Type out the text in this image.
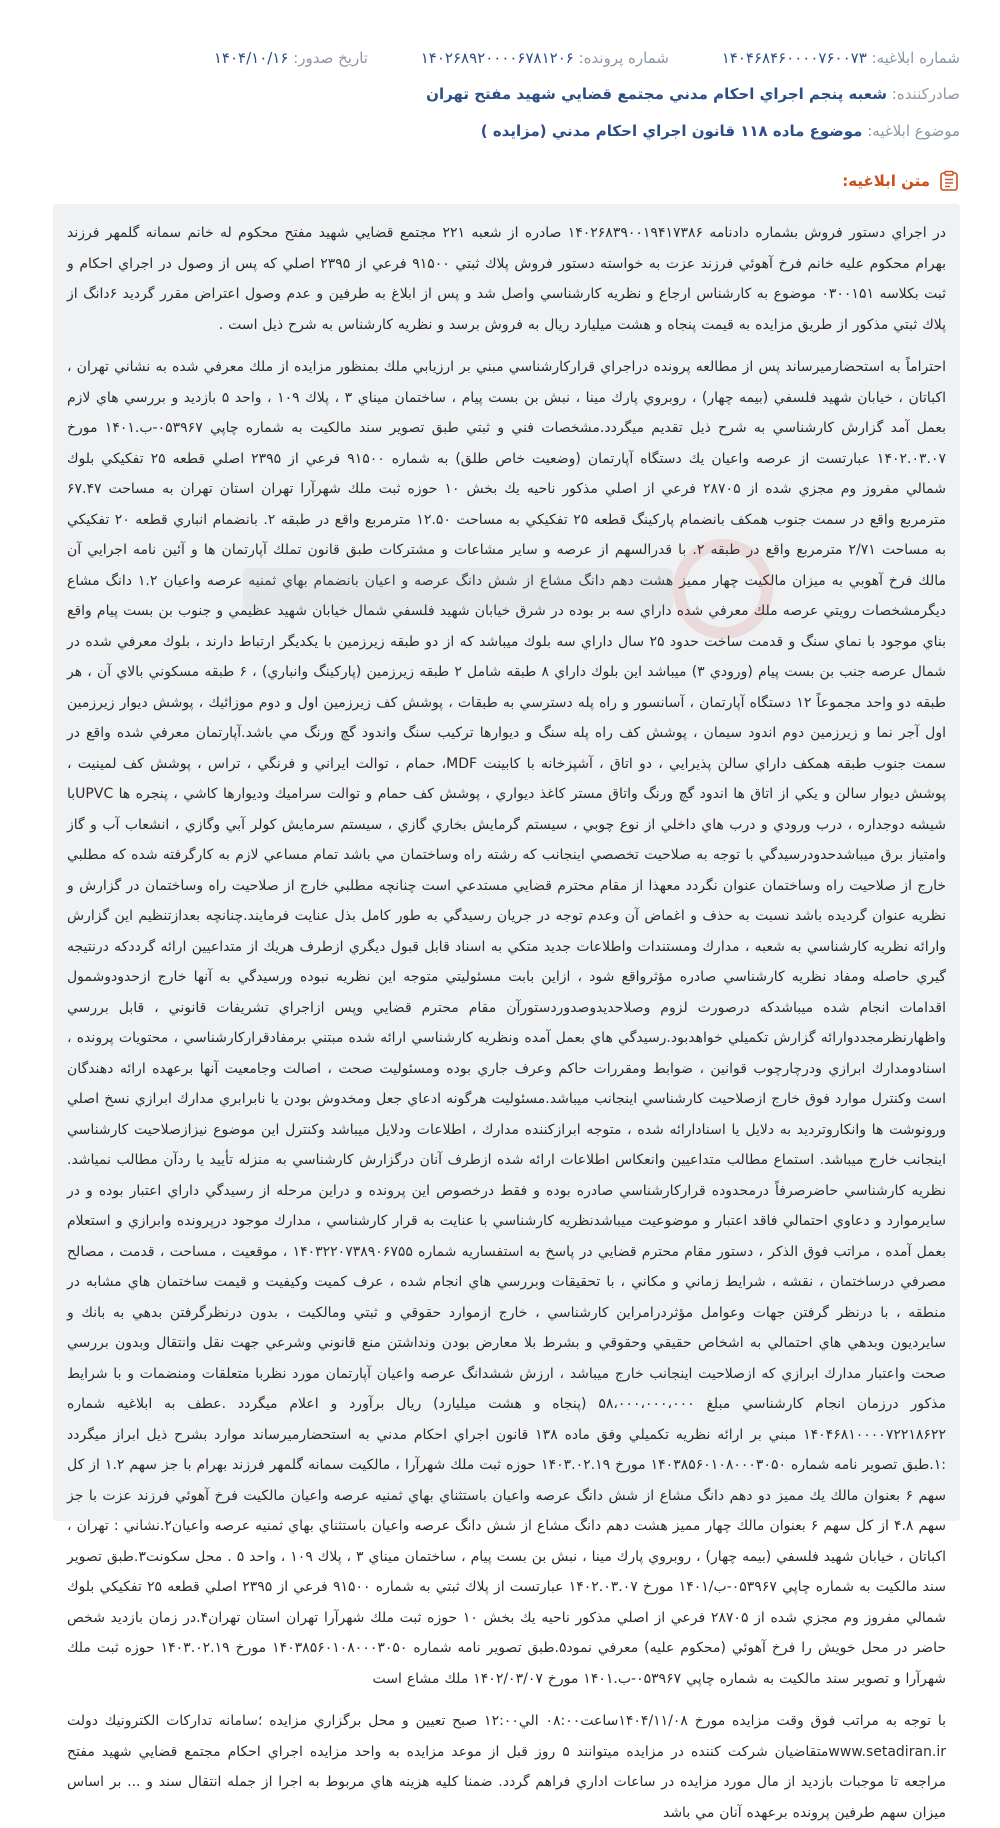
شماره ابلاغیه: ۱۴۰۴۶۸۴۶۰۰۰۰۷۶۰۰۷۳ شماره پرونده: ۱۴۰۲۶۸۹۲۰۰۰۰۶۷۸۱۲۰۶ تاریخ صدور: ۱۴۰۴/۱۰/۱۶
صادرکننده: شعبه پنجم اجراي احكام مدني مجتمع قضايي شهيد مفتح تهران
موضوع ابلاغیه: موضوع ماده ۱۱۸ قانون اجراي احكام مدني (مزايده )
متن ابلاغیه:

در اجراي دستور فروش بشماره دادنامه ۱۴۰۲۶۸۳۹۰۰۱۹۴۱۷۳۸۶ صادره از شعبه ۲۲۱ مجتمع قضايي شهيد مفتح محكوم له خانم سمانه گلمهر فرزند بهرام محكوم عليه خانم فرخ آهوئي فرزند عزت به خواسته دستور فروش پلاك ثبتي ۹۱۵۰۰ فرعي از ۲۳۹۵ اصلي كه پس از وصول در اجراي احكام و ثبت بكلاسه ۰۳۰۰۱۵۱ موضوع به كارشناس ارجاع و نظريه كارشناسي واصل شد و پس از ابلاغ به طرفين و عدم وصول اعتراض مقرر گرديد ۶دانگ از پلاك ثبتي مذكور از طريق مزايده به قيمت پنجاه و هشت ميليارد ريال به فروش برسد و نظريه كارشناس به شرح ذيل است .

احتراماً به استحضارميرساند پس از مطالعه پرونده دراجراي قراركارشناسي مبني بر ارزيابي ملك بمنظور مزايده از ملك معرفي شده به نشاني تهران ، اكباتان ، خيابان شهيد فلسفي (بيمه چهار) ، روبروي پارك مينا ، نبش بن بست پيام ، ساختمان ميناي ۳ ، پلاك ۱۰۹ ، واحد ۵ بازديد و بررسي هاي لازم بعمل آمد گزارش كارشناسي به شرح ذيل تقديم ميگردد.مشخصات فني و ثبتي طبق تصوير سند مالكيت به شماره چاپي ۰۵۳۹۶۷-ب.۱۴۰۱ مورخ ۱۴۰۲.۰۳.۰۷ عبارتست از عرصه واعيان يك دستگاه آپارتمان (وضعيت خاص طلق) به شماره ۹۱۵۰۰ فرعي از ۲۳۹۵ اصلي قطعه ۲۵ تفكيكي بلوك شمالي مفروز وم مجزي شده از ۲۸۷۰۵ فرعي از اصلي مذكور ناحيه يك بخش ۱۰ حوزه ثبت ملك شهرآرا تهران استان تهران به مساحت ۶۷.۴۷ مترمربع واقع در سمت جنوب همكف بانضمام پاركينگ قطعه ۲۵ تفكيكي به مساحت ۱۲.۵۰ مترمربع واقع در طبقه ۲. بانضمام انباري قطعه ۲۰ تفكيكي به مساحت ۲/۷۱ مترمربع واقع در طبقه ۲. با قدرالسهم از عرصه و ساير مشاعات و مشتركات طبق قانون تملك آپارتمان ها و آئين نامه اجرايي آن مالك فرخ آهوبي به ميزان مالكيت چهار مميز هشت دهم دانگ مشاع از شش دانگ عرصه و اعيان بانضمام بهاي ثمنيه عرصه واعيان ۱.۲ دانگ مشاع ديگرمشخصات رويتي عرصه ملك معرفي شده داراي سه بر بوده در شرق خيابان شهيد فلسفي شمال خيابان شهيد عظيمي و جنوب بن بست پيام واقع بناي موجود با نماي سنگ و قدمت ساخت حدود ۲۵ سال داراي سه بلوك ميباشد كه از دو طبقه زيرزمين با يكديگر ارتباط دارند ، بلوك معرفي شده در شمال عرصه جنب بن بست پيام (ورودي ۳) ميباشد اين بلوك داراي ۸ طبقه شامل ۲ طبقه زيرزمين (پاركينگ وانباري) ، ۶ طبقه مسكوني بالاي آن ، هر طبقه دو واحد مجموعاً ۱۲ دستگاه آپارتمان ، آسانسور و راه پله دسترسي به طبقات ، پوشش كف زيرزمين اول و دوم موزائيك ، پوشش ديوار زيرزمين اول آجر نما و زيرزمين دوم اندود سيمان ، پوشش كف راه پله سنگ و ديوارها تركيب سنگ واندود گچ ورنگ مي باشد.آپارتمان معرفي شده واقع در سمت جنوب طبقه همكف داراي سالن پذيرايي ، دو اتاق ، آشپزخانه با كابينت MDF، حمام ، توالت ايراني و فرنگي ، تراس ، پوشش كف لمينيت ، پوشش ديوار سالن و يكي از اتاق ها اندود گچ ورنگ واتاق مستر كاغذ ديواري ، پوشش كف حمام و توالت سراميك وديوارها كاشي ، پنجره ها UPVCبا شيشه دوجداره ، درب ورودي و درب هاي داخلي از نوع چوبي ، سيستم گرمايش بخاري گازي ، سيستم سرمايش كولر آبي وگازي ، انشعاب آب و گاز وامتياز برق ميباشدحدودرسيدگي با توجه به صلاحيت تخصصي اينجانب كه رشته راه وساختمان مي باشد تمام مساعي لازم به كارگرفته شده كه مطلبي خارج از صلاحيت راه وساختمان عنوان نگردد معهذا از مقام محترم قضايي مستدعي است چنانچه مطلبي خارج از صلاحيت راه وساختمان در گزارش و نظريه عنوان گرديده باشد نسبت به حذف و اغماض آن وعدم توجه در جريان رسيدگي به طور كامل بذل عنايت فرمايند.چنانچه بعدازتنظيم اين گزارش وارائه نظريه كارشناسي به شعبه ، مدارك ومستندات واطلاعات جديد متكي به اسناد قابل قبول ديگري ازطرف هريك از متداعيين ارائه گرددكه درنتيجه گيري حاصله ومفاد نظريه كارشناسي صادره مؤثرواقع شود ، ازاين بابت مسئوليتي متوجه اين نظريه نبوده ورسيدگي به آنها خارج ازحدودوشمول اقدامات انجام شده ميباشدكه درصورت لزوم وصلاحديدوصدوردستورآن مقام محترم قضايي وپس ازاجراي تشريفات قانوني ، قابل بررسي واظهارنظرمجددوارائه گزارش تكميلي خواهدبود.رسيدگي هاي بعمل آمده ونظريه كارشناسي ارائه شده مبتني برمفادقراركارشناسي ، محتويات پرونده ، اسنادومدارك ابرازي ودرچارچوب قوانين ، ضوابط ومقررات حاكم وعرف جاري بوده ومسئوليت صحت ، اصالت وجامعيت آنها برعهده ارائه دهندگان است وكنترل موارد فوق خارج ازصلاحيت كارشناسي اينجانب ميباشد.مسئوليت هرگونه ادعاي جعل ومخدوش بودن يا نابرابري مدارك ابرازي نسخ اصلي ورونوشت ها وانكاروترديد به دلايل يا اسنادارائه شده ، متوجه ابرازكننده مدارك ، اطلاعات ودلايل ميباشد وكنترل اين موضوع نيزازصلاحيت كارشناسي اينجانب خارج ميباشد. استماع مطالب متداعيين وانعكاس اطلاعات ارائه شده ازطرف آنان درگزارش كارشناسي به منزله تأييد يا ردآن مطالب نمياشد. نظريه كارشناسي حاضرصرفاً درمحدوده قراركارشناسي صادره بوده و فقط درخصوص اين پرونده و دراين مرحله از رسيدگي داراي اعتبار بوده و در سايرموارد و دعاوي احتمالي فاقد اعتبار و موضوعيت ميباشدنظريه كارشناسي با عنايت به قرار كارشناسي ، مدارك موجود درپرونده وابرازي و استعلام بعمل آمده ، مراتب فوق الذكر ، دستور مقام محترم قضايي در پاسخ به استفساريه شماره ۱۴۰۳۲۲۰۷۳۸۹۰۶۷۵۵ ، موقعيت ، مساحت ، قدمت ، مصالح مصرفي درساختمان ، نقشه ، شرايط زماني و مكاني ، با تحقيقات وبررسي هاي انجام شده ، عرف كميت وكيفيت و قيمت ساختمان هاي مشابه در منطقه ، با درنظر گرفتن جهات وعوامل مؤثردرامراين كارشناسي ، خارج ازموارد حقوقي و ثبتي ومالكيت ، بدون درنظرگرفتن بدهي به بانك و سايرديون وبدهي هاي احتمالي به اشخاص حقيقي وحقوقي و بشرط بلا معارض بودن ونداشتن منع قانوني وشرعي جهت نقل وانتقال وبدون بررسي صحت واعتبار مدارك ابرازي كه ازصلاحيت اينجانب خارج ميباشد ، ارزش ششدانگ عرصه واعيان آپارتمان مورد نظربا متعلقات ومنضمات و با شرايط مذكور درزمان انجام كارشناسي مبلغ ۵۸،۰۰۰،۰۰۰،۰۰۰ (پنجاه و هشت ميليارد) ريال برآورد و اعلام ميگردد .عطف به ابلاغيه شماره ۱۴۰۴۶۸۱۰۰۰۰۷۲۲۱۸۶۲۲ مبني بر ارائه نظريه تكميلي وفق ماده ۱۳۸ قانون اجراي احكام مدني به استحضارميرساند موارد بشرح ذيل ابراز ميگردد :۱.طبق تصوير نامه شماره ۱۴۰۳۸۵۶۰۱۰۸۰۰۰۳۰۵۰ مورخ ۱۴۰۳.۰۲.۱۹ حوزه ثبت ملك شهرآرا ، مالكيت سمانه گلمهر فرزند بهرام با جز سهم ۱.۲ از كل سهم ۶ بعنوان مالك يك مميز دو دهم دانگ مشاع از شش دانگ عرصه واعيان باستثناي بهاي ثمنيه عرصه واعيان مالكيت فرخ آهوئي فرزند عزت با جز سهم ۴.۸ از كل سهم ۶ بعنوان مالك چهار مميز هشت دهم دانگ مشاع از شش دانگ عرصه واعيان باستثناي بهاي ثمنيه عرصه واعيان۲.نشاني : تهران ، اكباتان ، خيابان شهيد فلسفي (بيمه چهار) ، روبروي پارك مينا ، نبش بن بست پيام ، ساختمان ميناي ۳ ، پلاك ۱۰۹ ، واحد ۵ . محل سكونت۳.طبق تصوير سند مالكيت به شماره چاپي ۰۵۳۹۶۷-ب/۱۴۰۱ مورخ ۱۴۰۲.۰۳.۰۷ عبارتست از پلاك ثبتي به شماره ۹۱۵۰۰ فرعي از ۲۳۹۵ اصلي قطعه ۲۵ تفكيكي بلوك شمالي مفروز وم مجزي شده از ۲۸۷۰۵ فرعي از اصلي مذكور ناحيه يك بخش ۱۰ حوزه ثبت ملك شهرآرا تهران استان تهران۴.در زمان بازديد شخص حاضر در محل خويش را فرخ آهوئي (محكوم عليه) معرفي نمود۵.طبق تصوير نامه شماره ۱۴۰۳۸۵۶۰۱۰۸۰۰۰۳۰۵۰ مورخ ۱۴۰۳.۰۲.۱۹ حوزه ثبت ملك شهرآرا و تصوير سند مالكيت به شماره چاپي ۰۵۳۹۶۷-ب.۱۴۰۱ مورخ ۱۴۰۲/۰۳/۰۷ ملك مشاع است

با توجه به مراتب فوق وقت مزايده مورخ ۱۴۰۴/۱۱/۰۸ساعت۰۸:۰۰ الي۱۲:۰۰ صبح تعيين و محل برگزاري مزايده ؛سامانه تداركات الكترونيك دولت www.setadiran.irمتقاضيان شركت كننده در مزايده ميتوانند ۵ روز قبل از موعد مزايده به واحد مزايده اجراي احكام مجتمع قضايي شهيد مفتح مراجعه تا موجبات بازديد از مال مورد مزايده در ساعات اداري فراهم گردد. ضمنا كليه هزينه هاي مربوط به اجرا از جمله انتقال سند و ... بر اساس ميزان سهم طرفين پرونده برعهده آنان مي باشد
